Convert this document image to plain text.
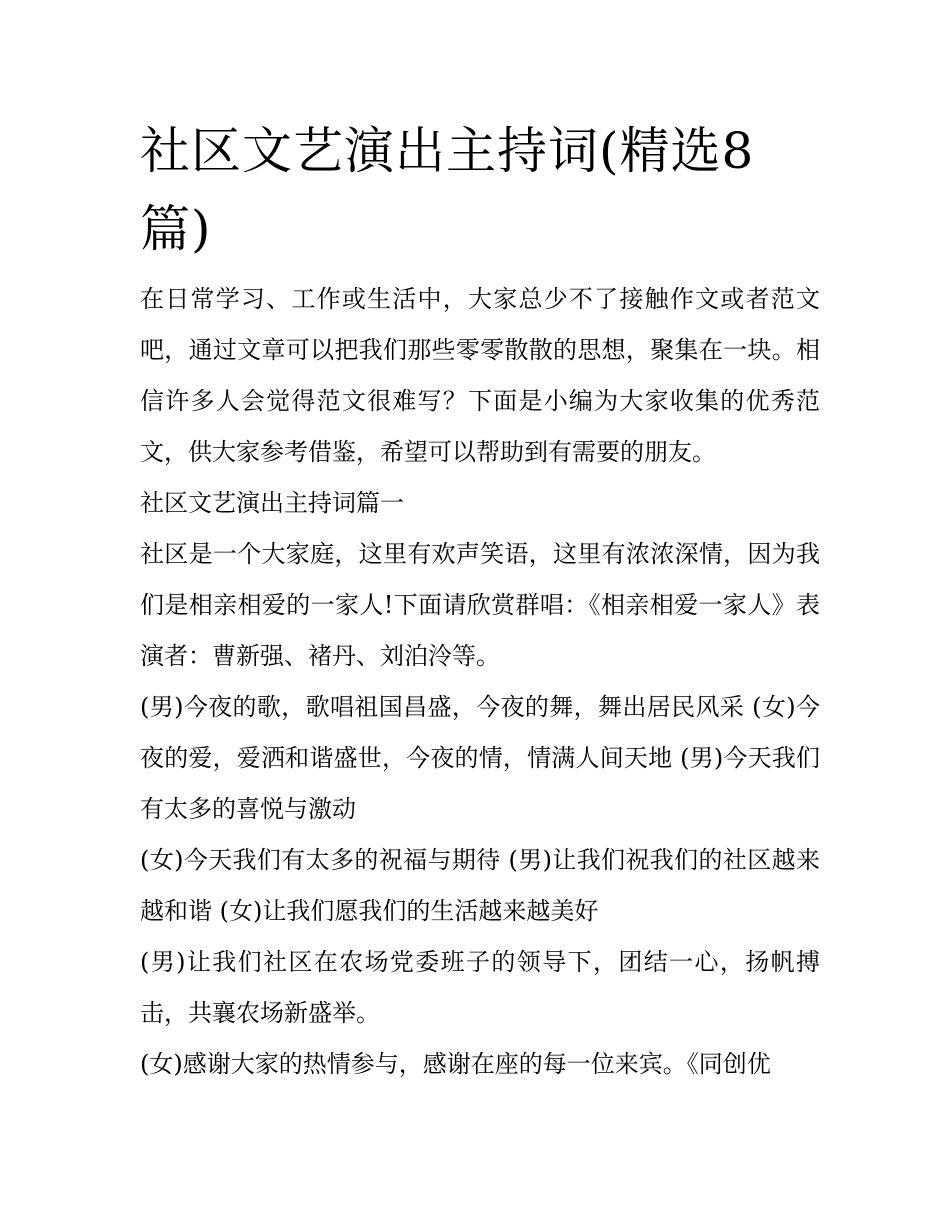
社区文艺演出主持词(精选8篇)

在日常学习、工作或生活中，大家总少不了接触作文或者范文吧，通过文章可以把我们那些零零散散的思想，聚集在一块。相信许多人会觉得范文很难写？下面是小编为大家收集的优秀范文，供大家参考借鉴，希望可以帮助到有需要的朋友。

社区文艺演出主持词篇一

社区是一个大家庭，这里有欢声笑语，这里有浓浓深情，因为我们是相亲相爱的一家人!下面请欣赏群唱：《相亲相爱一家人》表演者：曹新强、褚丹、刘泊泠等。

(男)今夜的歌，歌唱祖国昌盛，今夜的舞，舞出居民风采 (女)今夜的爱，爱洒和谐盛世，今夜的情，情满人间天地 (男)今天我们有太多的喜悦与激动

(女)今天我们有太多的祝福与期待 (男)让我们祝我们的社区越来越和谐 (女)让我们愿我们的生活越来越美好

(男)让我们社区在农场党委班子的领导下，团结一心，扬帆搏击，共襄农场新盛举。

(女)感谢大家的热情参与，感谢在座的每一位来宾。《同创优
